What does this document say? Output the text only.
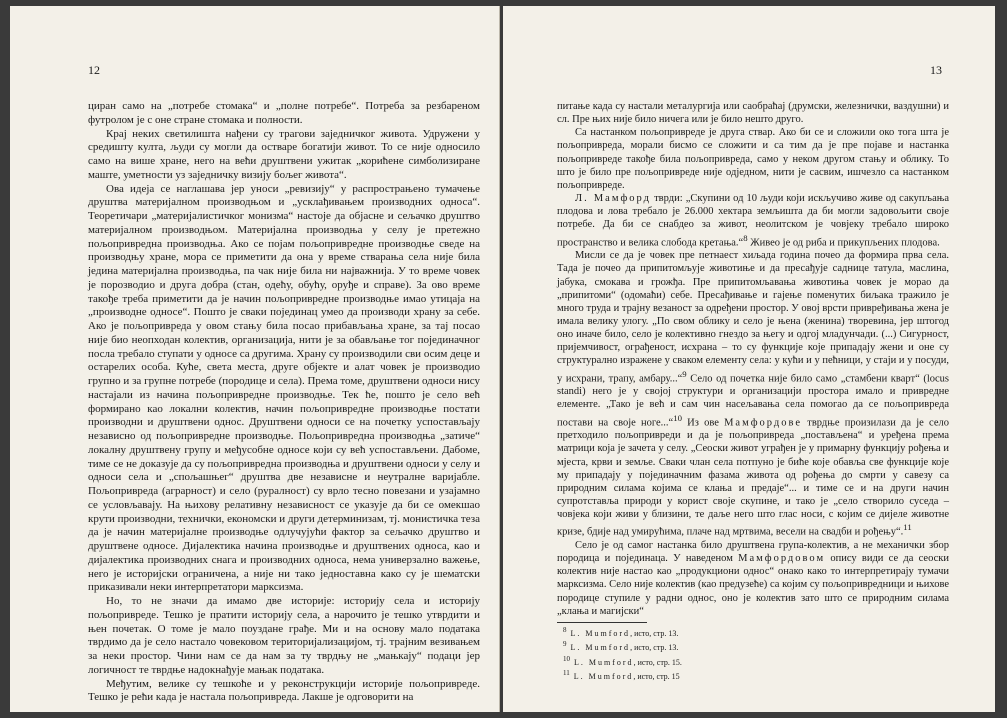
12

циран само на „потребе стомака“ и „полне потребе“. Потреба за резбареном футролом је с оне стране стомака и полности.

Крај неких светилишта нађени су трагови заједничког живота. Удружени у средишту култа, људи су могли да остваре богатији живот. То се није односило само на више хране, него на већи друштвени ужитак „корићене симболизиране маште, уметности уз заједничку визију бољег живота“.

Ова идеја се наглашава јер уноси „ревизију“ у распрострањено тумачење друштва материјалном производњом и „усклађивањем производних односа“. Теоретичари „материјалистичког монизма“ настоје да објасне и сељачко друштво материјалном производњом. Материјална производња у селу је претежно пољопривредна производња. Ако се појам пољопривредне производње сведе на производњу хране, мора се приметити да она у време стварања села није била једина материјална производња, па чак није била ни најважнија. У то време човек је порозводио и друга добра (стан, одећу, обућу, оруђе и справе). За ово време такође треба приметити да је начин пољопривредне производње имао утицаја на „производне односе“. Пошто је сваки појединац умео да производи храну за себе. Ако је пољопривреда у овом стању била посао прибављања хране, за тај посао није био неопходан колектив, организација, нити је за обављање тог појединачног посла требало ступати у односе са другима. Храну су производили сви осим деце и остарелих особа. Куће, света места, друге објекте и алат човек је производио групно и за групне потребе (породице и села). Према томе, друштвени односи нису настајали из начина пољопривредне производње. Тек ће, пошто је село већ формирано као локални колектив, начин пољопривредне производње постати производни и друштвени однос. Друштвени односи се на почетку успостављају независно од пољопривредне производње. Пољопривредна производња „затиче“ локалну друштвену групу и међусобне односе који су већ успостављени. Дабоме, тиме се не доказује да су пољопривредна производња и друштвени односи у селу и односи села и „спољашњег“ друштва две независне и неутралне варијабле. Пољопривреда (аграрност) и село (руралност) су врло тесно повезани и узајамно се условљавају. На њихову релативну независност се указује да би се омекшао крути производни, технички, економски и други детерминизам, тј. монистичка теза да је начин материјалне производње одлучујући фактор за сељачко друштво и друштвене односе. Дијалектика начина производње и друштвених односа, као и дијалектика производних снага и производних односа, нема универзално важење, него је историјски ограничена, а није ни тако једноставна како су је шематски приказивали неки интерпретатори марксизма.

Но, то не значи да имамо две историје: историју села и историју пољопривреде. Тешко је пратити историју села, а нарочито је тешко утврдити и њен почетак. О томе је мало поуздане грађе. Ми и на основу мало података тврдимо да је село настало човековом територијализацијом, тј. трајним везивањем за неки простор. Чини нам се да нам за ту тврдњу не „мањкају“ подаци јер логичност те тврдње надокнађује мањак података.

Међутим, велике су тешкоће и у реконструкцији историје пољопривреде. Тешко је рећи када је настала пољопривреда. Лакше је одговорити на

13

питање када су настали металургија или саобраћај (друмски, железнички, ваздушни) и сл. Пре њих није било ничега или је било нешто друго.

Са настанком пољопривреде је друга ствар. Ако би се и сложили око тога шта је пољопривреда, морали бисмо се сложити и са тим да је пре појаве и настанка пољопривреде такође била пољопривреда, само у неком другом стању и облику. То што је било пре пољопривреде није одједном, нити је сасвим, ишчезло са настанком пољопривреде.

Л. Мамфорд тврди: „Скупини од 10 људи који искључиво живе од сакупљања плодова и лова требало је 26.000 хектара земљишта да би могли задовољити своје потребе. Да би се снабдео за живот, неолитском је човјеку требало широко пространство и велика слобода кретања.“$^8$ Живео је од риба и прикупљених плодова.

Мисли се да је човек пре петнаест хиљада година почео да формира прва села. Тада је почео да припитомљује животиње и да пресађује саднице татула, маслина, јабука, смокава и грожђа. Пре припитомљавања животиња човек је морао да „припитоми“ (одомаћи) себе. Пресађивање и гајење поменутих биљака тражило је много труда и трајну везаност за одређени простор. У овој врсти привређивања жена је имала велику улогу. „По свом облику и село је њена (женина) творевина, јер штогод оно иначе било, село је колективно гнездо за његу и одгој младунчади. (...) Сигурност, пријемчивост, ограђеност, исхрана – то су функције које припадају жени и оне су структурално изражене у сваком елементу села: у кући и у пећници, у стаји и у посуди, у исхрани, трапу, амбару...“$^9$ Село од почетка није било само „стамбени кварт“ (locus standi) него је у својој структури и организацији простора имало и привредне елементе. „Тако је већ и сам чин насељавања села помогао да се пољопривреда постави на своје ноге...“$^{10}$ Из ове Мамфордове тврдње произилази да је село претходило пољопривреди и да је пољопривреда „постављена“ и уређена према матрици која је зачета у селу. „Сеоски живот уграђен је у примарну функцију рођења и мјеста, крви и земље. Сваки члан села потпуно је биће које обавља све функције које му припадају у појединачним фазама живота од рођења до смрти у савезу са природним силама којима се клања и предаје“... и тиме се и на други начин супротставља природи у корист своје скупине, и тако је „село створило суседа – човјека који живи у близини, те даље него што глас носи, с којим се дијеле животне кризе, бдије над умирућима, плаче над мртвима, весели на свадби и рођењу“.$^{11}$

Село је од самог настанка било друштвена група-колектив, а не механички збор породица и појединаца. У наведеном Мамфордовом опису види се да сеоски колектив није настао као „продукциони однос“ онако како то интерпретирају тумачи марксизма. Село није колектив (као предузеће) са којим су пољопривредници и њихове породице ступиле у радни однос, оно је колектив зато што се природним силама „клања и магијски“

$^8$ L. Mumford, исто, стр. 13.
$^9$ L. Mumford, исто, стр. 13.
$^{10}$ L. Mumford, исто, стр. 15.
$^{11}$ L. Mumford, исто, стр. 15
